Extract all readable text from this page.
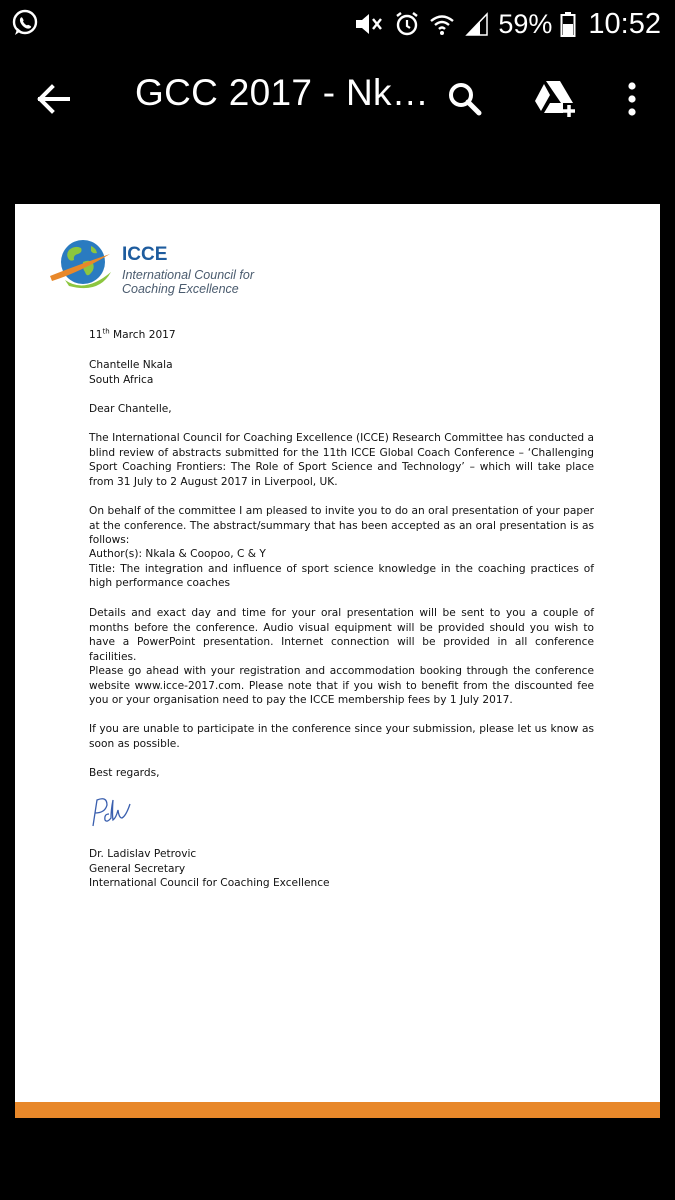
59% 10:52
GCC 2017 - Nk…
ICCE
International Council for
Coaching Excellence
11th March 2017
Chantelle Nkala
South Africa
Dear Chantelle,

The International Council for Coaching Excellence (ICCE) Research Committee has conducted a blind review of abstracts submitted for the 11th ICCE Global Coach Conference – ‘Challenging Sport Coaching Frontiers: The Role of Sport Science and Technology’ – which will take place from 31 July to 2 August 2017 in Liverpool, UK.

On behalf of the committee I am pleased to invite you to do an oral presentation of your paper at the conference. The abstract/summary that has been accepted as an oral presentation is as follows:

Author(s): Nkala & Coopoo, C & Y

Title: The integration and influence of sport science knowledge in the coaching practices of high performance coaches

Details and exact day and time for your oral presentation will be sent to you a couple of months before the conference. Audio visual equipment will be provided should you wish to have a PowerPoint presentation. Internet connection will be provided in all conference facilities.

Please go ahead with your registration and accommodation booking through the conference website www.icce-2017.com. Please note that if you wish to benefit from the discounted fee you or your organisation need to pay the ICCE membership fees by 1 July 2017.

If you are unable to participate in the conference since your submission, please let us know as soon as possible.

Best regards,
Dr. Ladislav Petrovic
General Secretary
International Council for Coaching Excellence
